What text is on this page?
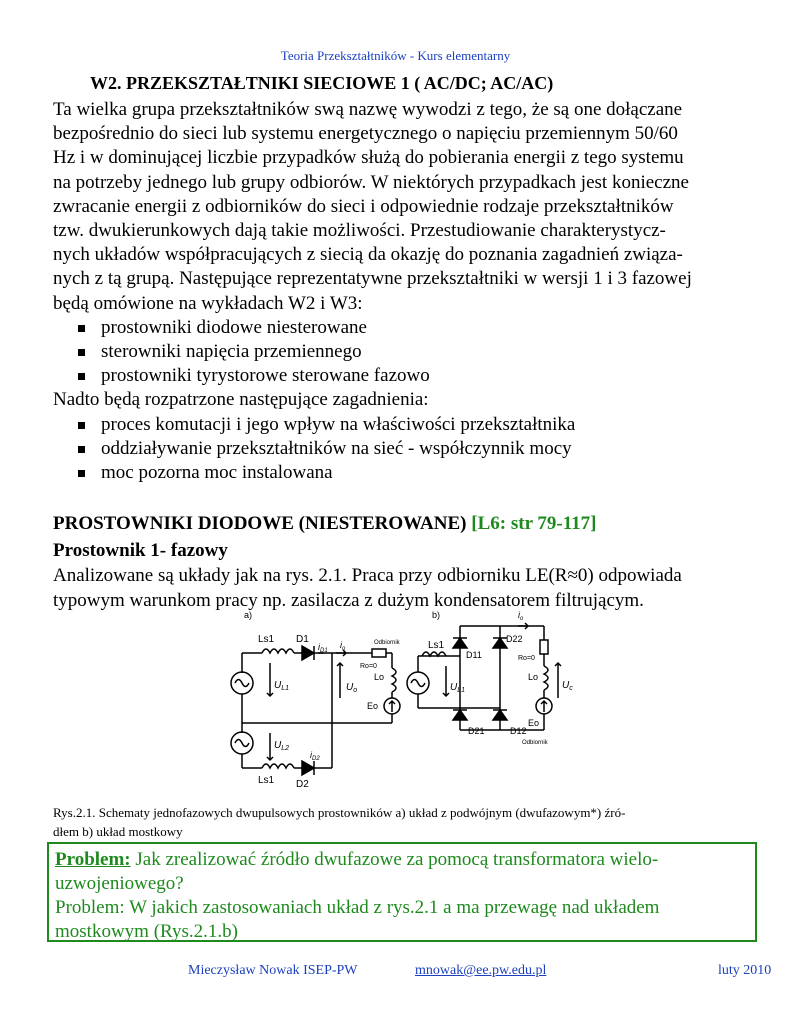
Teoria Przekształtników - Kurs elementarny
W2. PRZEKSZTAŁTNIKI SIECIOWE 1 ( AC/DC; AC/AC)

Ta wielka grupa przekształtników swą nazwę wywodzi z tego, że są one dołączane

bezpośrednio do sieci lub systemu energetycznego o napięciu przemiennym 50/60

Hz i w dominującej liczbie przypadków służą do pobierania energii z tego systemu

na potrzeby jednego lub grupy odbiorów. W niektórych przypadkach jest konieczne

zwracanie energii z odbiorników do sieci i odpowiednie rodzaje przekształtników

tzw. dwukierunkowych dają takie możliwości. Przestudiowanie charakterystycz-

nych układów współpracujących z siecią da okazję do poznania zagadnień związa-

nych z tą grupą. Następujące reprezentatywne przekształtniki w wersji 1 i 3 fazowej

będą omówione na wykładach W2 i W3:

prostowniki diodowe niesterowane
sterowniki napięcia przemiennego
prostowniki tyrystorowe sterowane fazowo

Nadto będą rozpatrzone następujące zagadnienia:

proces komutacji i jego wpływ na właściwości przekształtnika
oddziaływanie przekształtników na sieć - współczynnik mocy
moc pozorna moc instalowana
PROSTOWNIKI DIODOWE (NIESTEROWANE) [L6: str 79-117]
Prostownik 1- fazowy

Analizowane są układy jak na rys. 2.1. Praca przy odbiorniku LE(R≈0) odpowiada

typowym warunkom pracy np. zasilacza z dużym kondensatorem filtrującym.

a)
Ls1 D1
$i_{D1}$
$i_o$
Odbiornik
Ro=0
Lo
Eo
$U_o$
$U_{L1}$
$U_{L2}$
Ls1 D2
$i_{D2}$
b)	$i_o$
D11
D22
D21	D12
Ls1
$U_{L1}$
Ro=0
Lo
Eo
$U_c$
Odbiornik
Rys.2.1. Schematy jednofazowych dwupulsowych prostowników a) układ z podwójnym (dwufazowym*) źró-
dłem b) układ mostkowy

Problem: Jak zrealizować źródło dwufazowe za pomocą transformatora wielo-

uzwojeniowego?

Problem: W jakich zastosowaniach układ z rys.2.1 a ma przewagę nad układem

mostkowym (Rys.2.1.b)

Mieczysław Nowak ISEP-PW	mnowak@ee.pw.edu.pl	luty 2010
